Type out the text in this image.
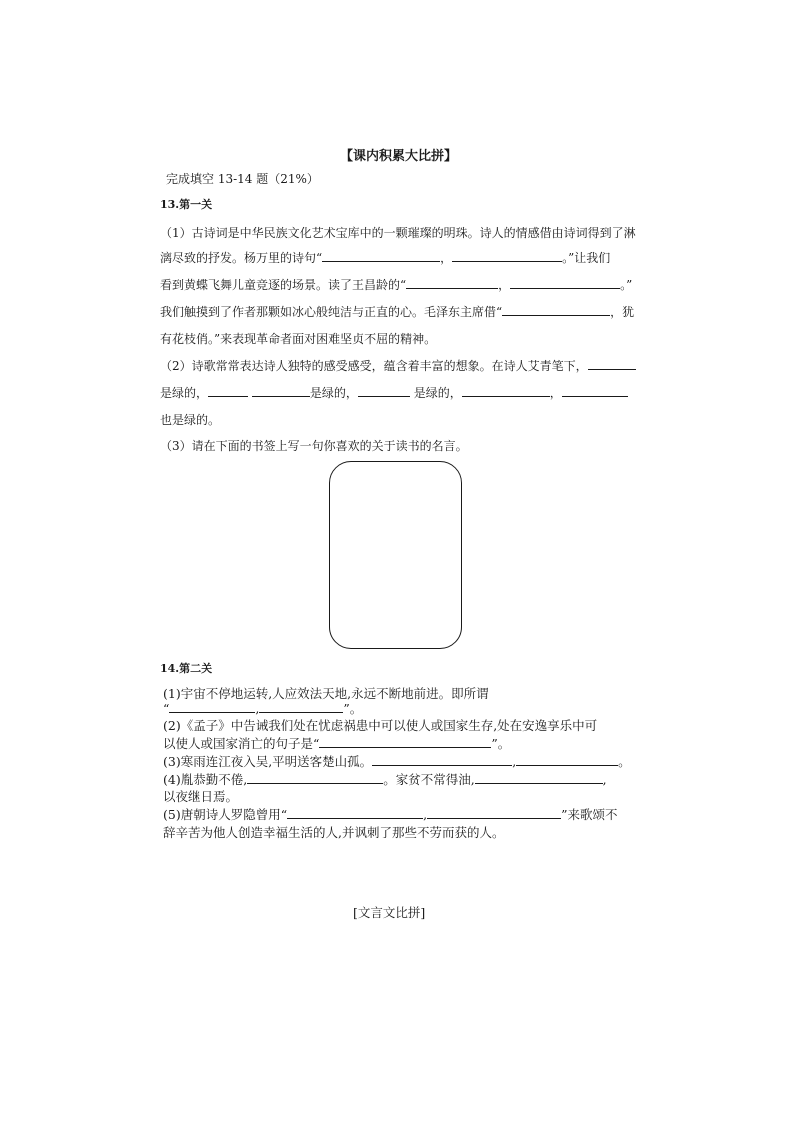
【课内积累大比拼】
完成填空 13-14 题（21%）
13.第一关
（1）古诗词是中华民族文化艺术宝库中的一颗璀璨的明珠。诗人的情感借由诗词得到了淋
漓尽致的抒发。杨万里的诗句“	，	。”让我们
看到黄蝶飞舞儿童竞逐的场景。读了王昌龄的“	，	。”
我们触摸到了作者那颗如冰心般纯洁与正直的心。毛泽东主席借“	，犹
有花枝俏。”来表现革命者面对困难坚贞不屈的精神。
（2）诗歌常常表达诗人独特的感受感受，蕴含着丰富的想象。在诗人艾青笔下，
是绿的，	是绿的，	是绿的，	，
也是绿的。
（3）请在下面的书签上写一句你喜欢的关于读书的名言。
14.第二关
(1)宇宙不停地运转,人应效法天地,永远不断地前进。即所谓
“	,	”。
(2)《孟子》中告诫我们处在忧虑祸患中可以使人或国家生存,处在安逸享乐中可
以使人或国家消亡的句子是“	”。
(3)寒雨连江夜入吴,平明送客楚山孤。	,	。
(4)胤恭勤不倦,	。家贫不常得油,	,
以夜继日焉。
(5)唐朝诗人罗隐曾用“	,	”来歌颂不
辞辛苦为他人创造幸福生活的人,并讽刺了那些不劳而获的人。
[文言文比拼]
